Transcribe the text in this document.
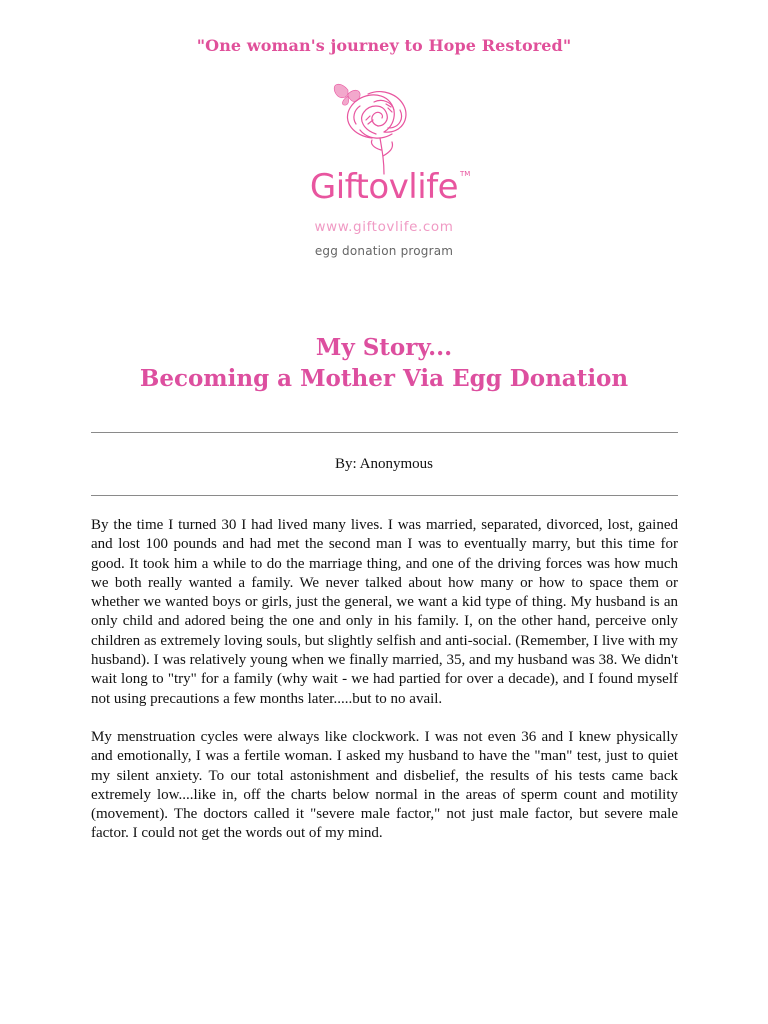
"One woman's journey to Hope Restored"
Giftovlife TM
www.giftovlife.com
egg donation program
My Story...
Becoming a Mother Via Egg Donation
By: Anonymous

By the time I turned 30 I had lived many lives. I was married, separated, divorced, lost, gained and lost 100 pounds and had met the second man I was to eventually marry, but this time for good. It took him a while to do the marriage thing, and one of the driving forces was how much we both really wanted a family. We never talked about how many or how to space them or whether we wanted boys or girls, just the general, we want a kid type of thing. My husband is an only child and adored being the one and only in his family. I, on the other hand, perceive only children as extremely loving souls, but slightly selfish and anti-social. (Remember, I live with my husband). I was relatively young when we finally married, 35, and my husband was 38. We didn't wait long to "try" for a family (why wait - we had partied for over a decade), and I found myself not using precautions a few months later.....but to no avail.

My menstruation cycles were always like clockwork. I was not even 36 and I knew physically and emotionally, I was a fertile woman. I asked my husband to have the "man" test, just to quiet my silent anxiety. To our total astonishment and disbelief, the results of his tests came back extremely low....like in, off the charts below normal in the areas of sperm count and motility (movement). The doctors called it "severe male factor," not just male factor, but severe male factor. I could not get the words out of my mind.
